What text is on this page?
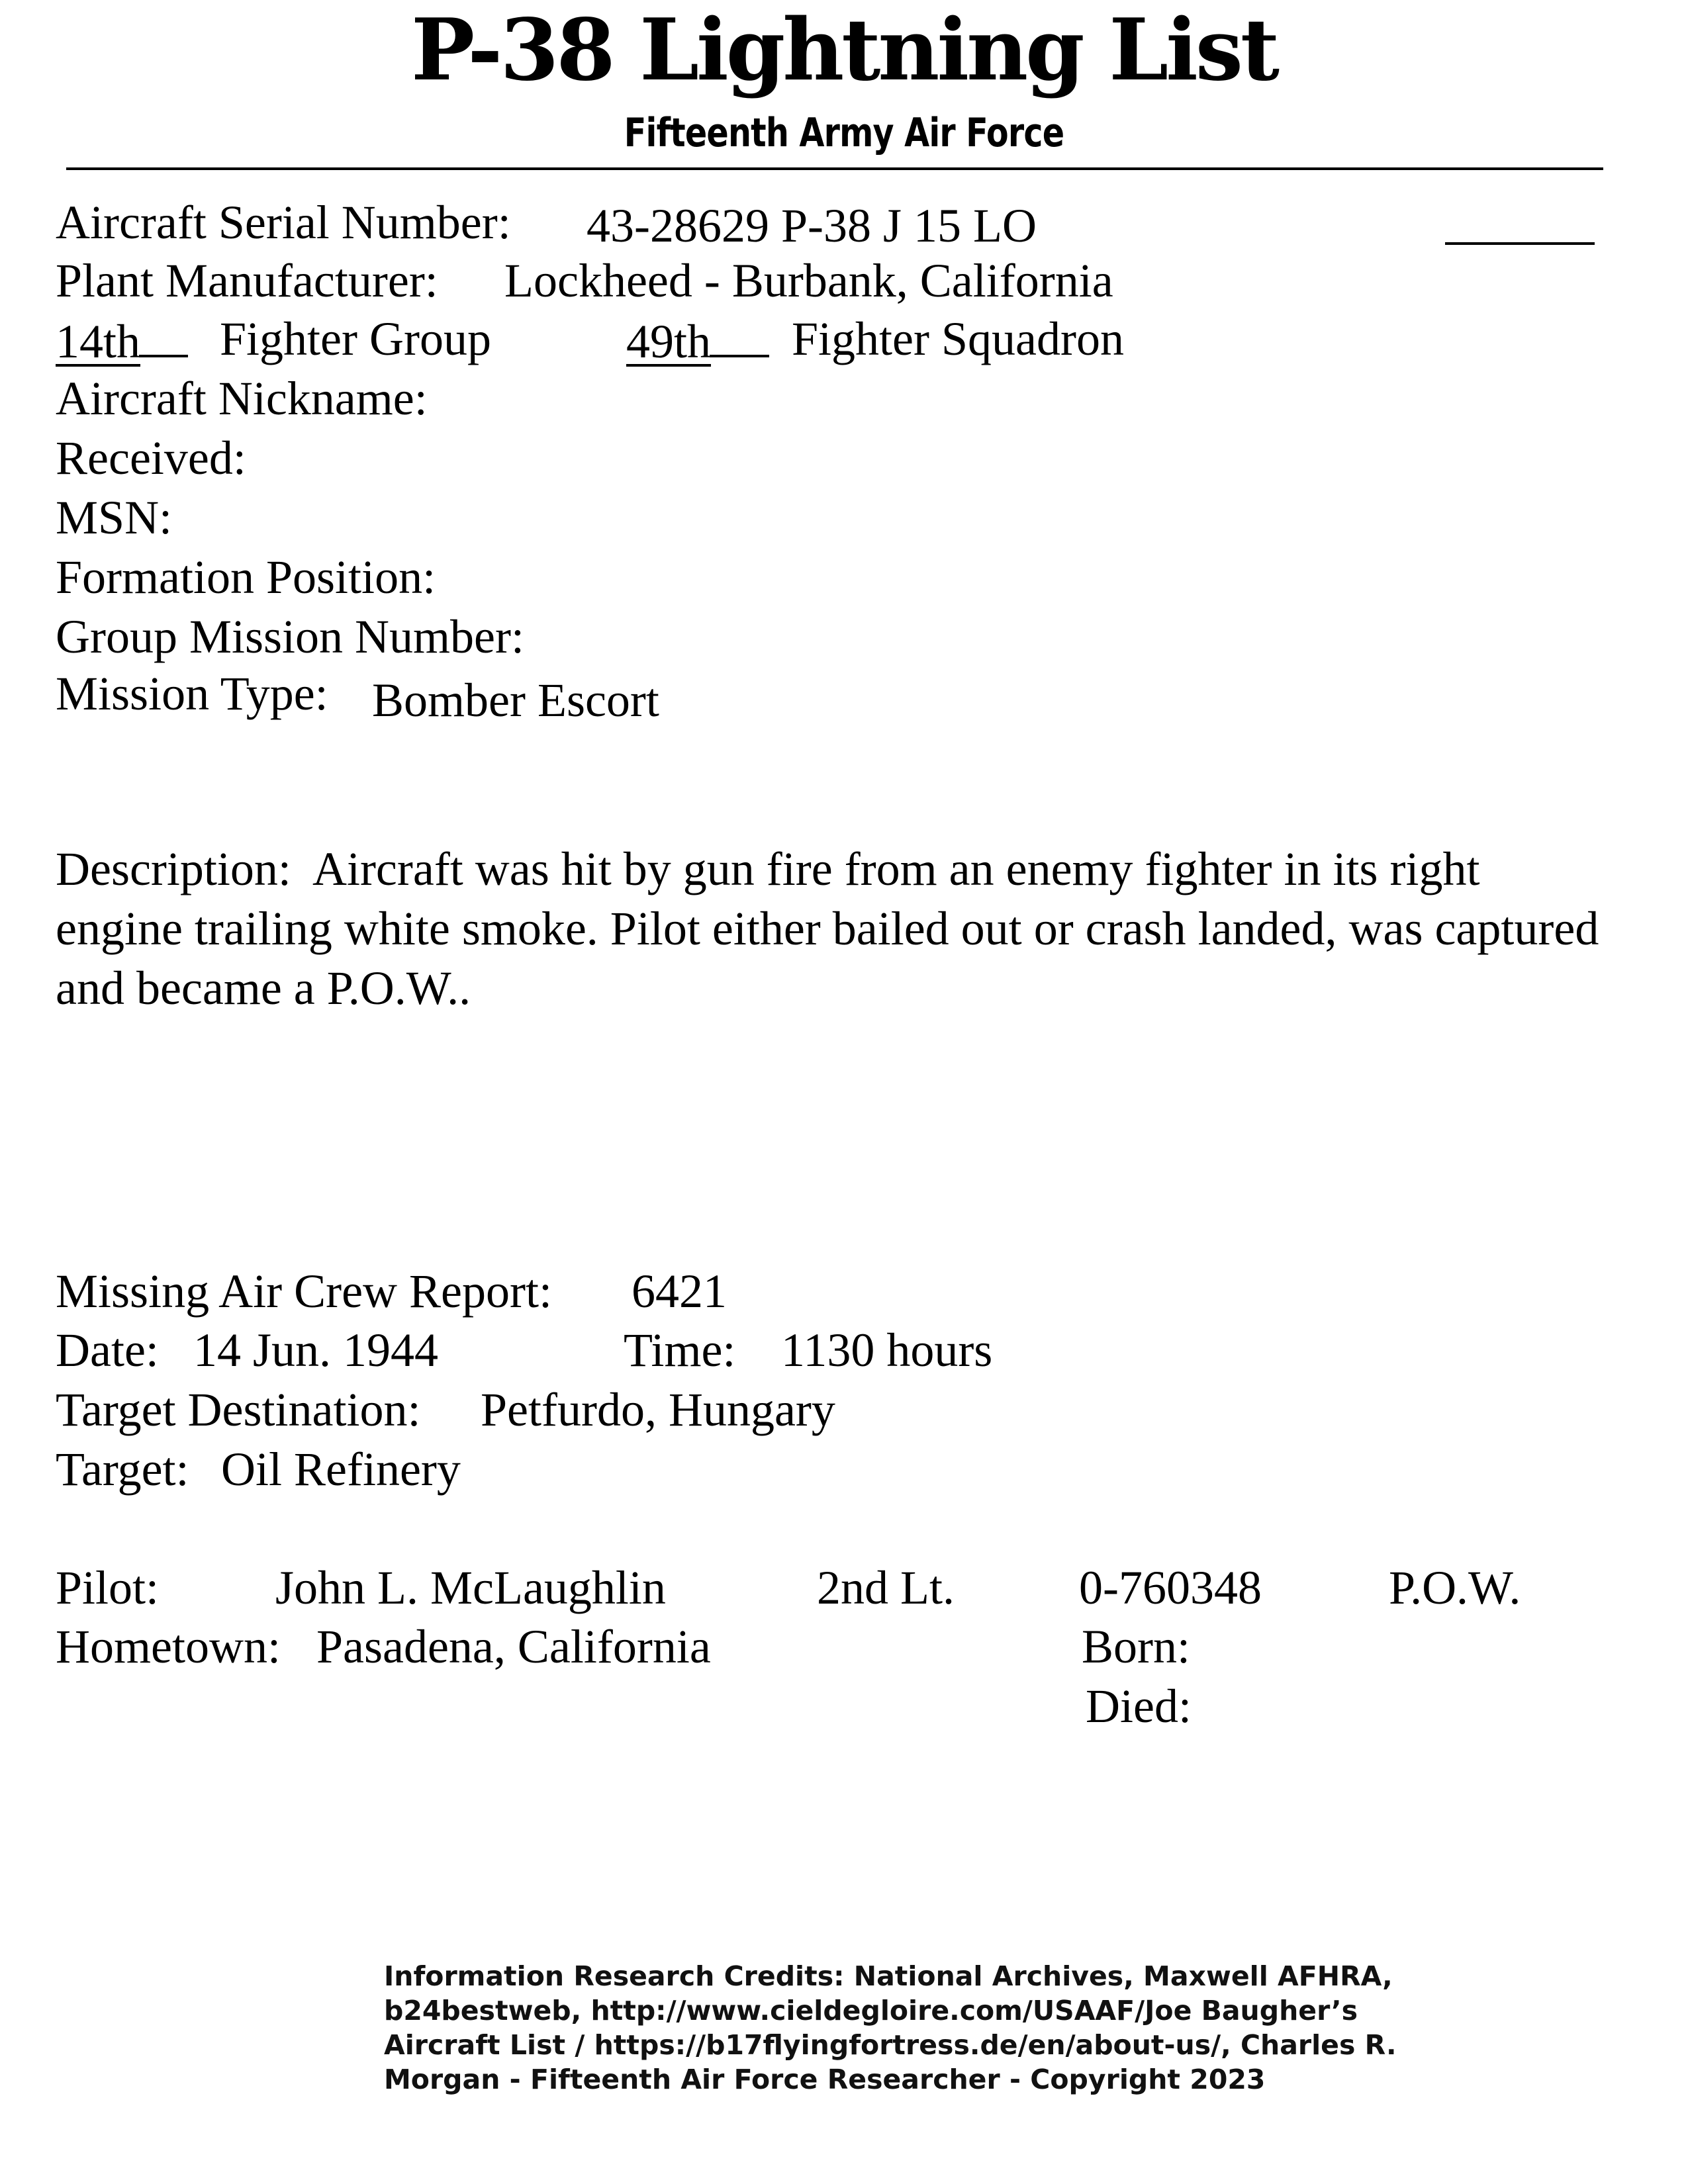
P-38 Lightning List
Fifteenth Army Air Force
Aircraft Serial Number: 43-28629 P-38 J 15 LO
Plant Manufacturer: Lockheed - Burbank, California
14th	Fighter Group	49th	Fighter Squadron
Aircraft Nickname:
Received:
MSN:
Formation Position:
Group Mission Number:
Mission Type: Bomber Escort
Description: Aircraft was hit by gun fire from an enemy fighter in its right engine trailing white smoke. Pilot either bailed out or crash landed, was captured and became a P.O.W..
Missing Air Crew Report: 6421
Date: 14 Jun. 1944	Time: 1130 hours
Target Destination: Petfurdo, Hungary
Target: Oil Refinery
Pilot: John L. McLaughlin	2nd Lt.	0-760348	P.O.W.
Hometown: Pasadena, California	Born:
Died:
Information Research Credits: National Archives, Maxwell AFHRA,
b24bestweb, http://www.cieldegloire.com/USAAF/Joe Baugher’s
Aircraft List / https://b17flyingfortress.de/en/about-us/, Charles R.
Morgan - Fifteenth Air Force Researcher - Copyright 2023
